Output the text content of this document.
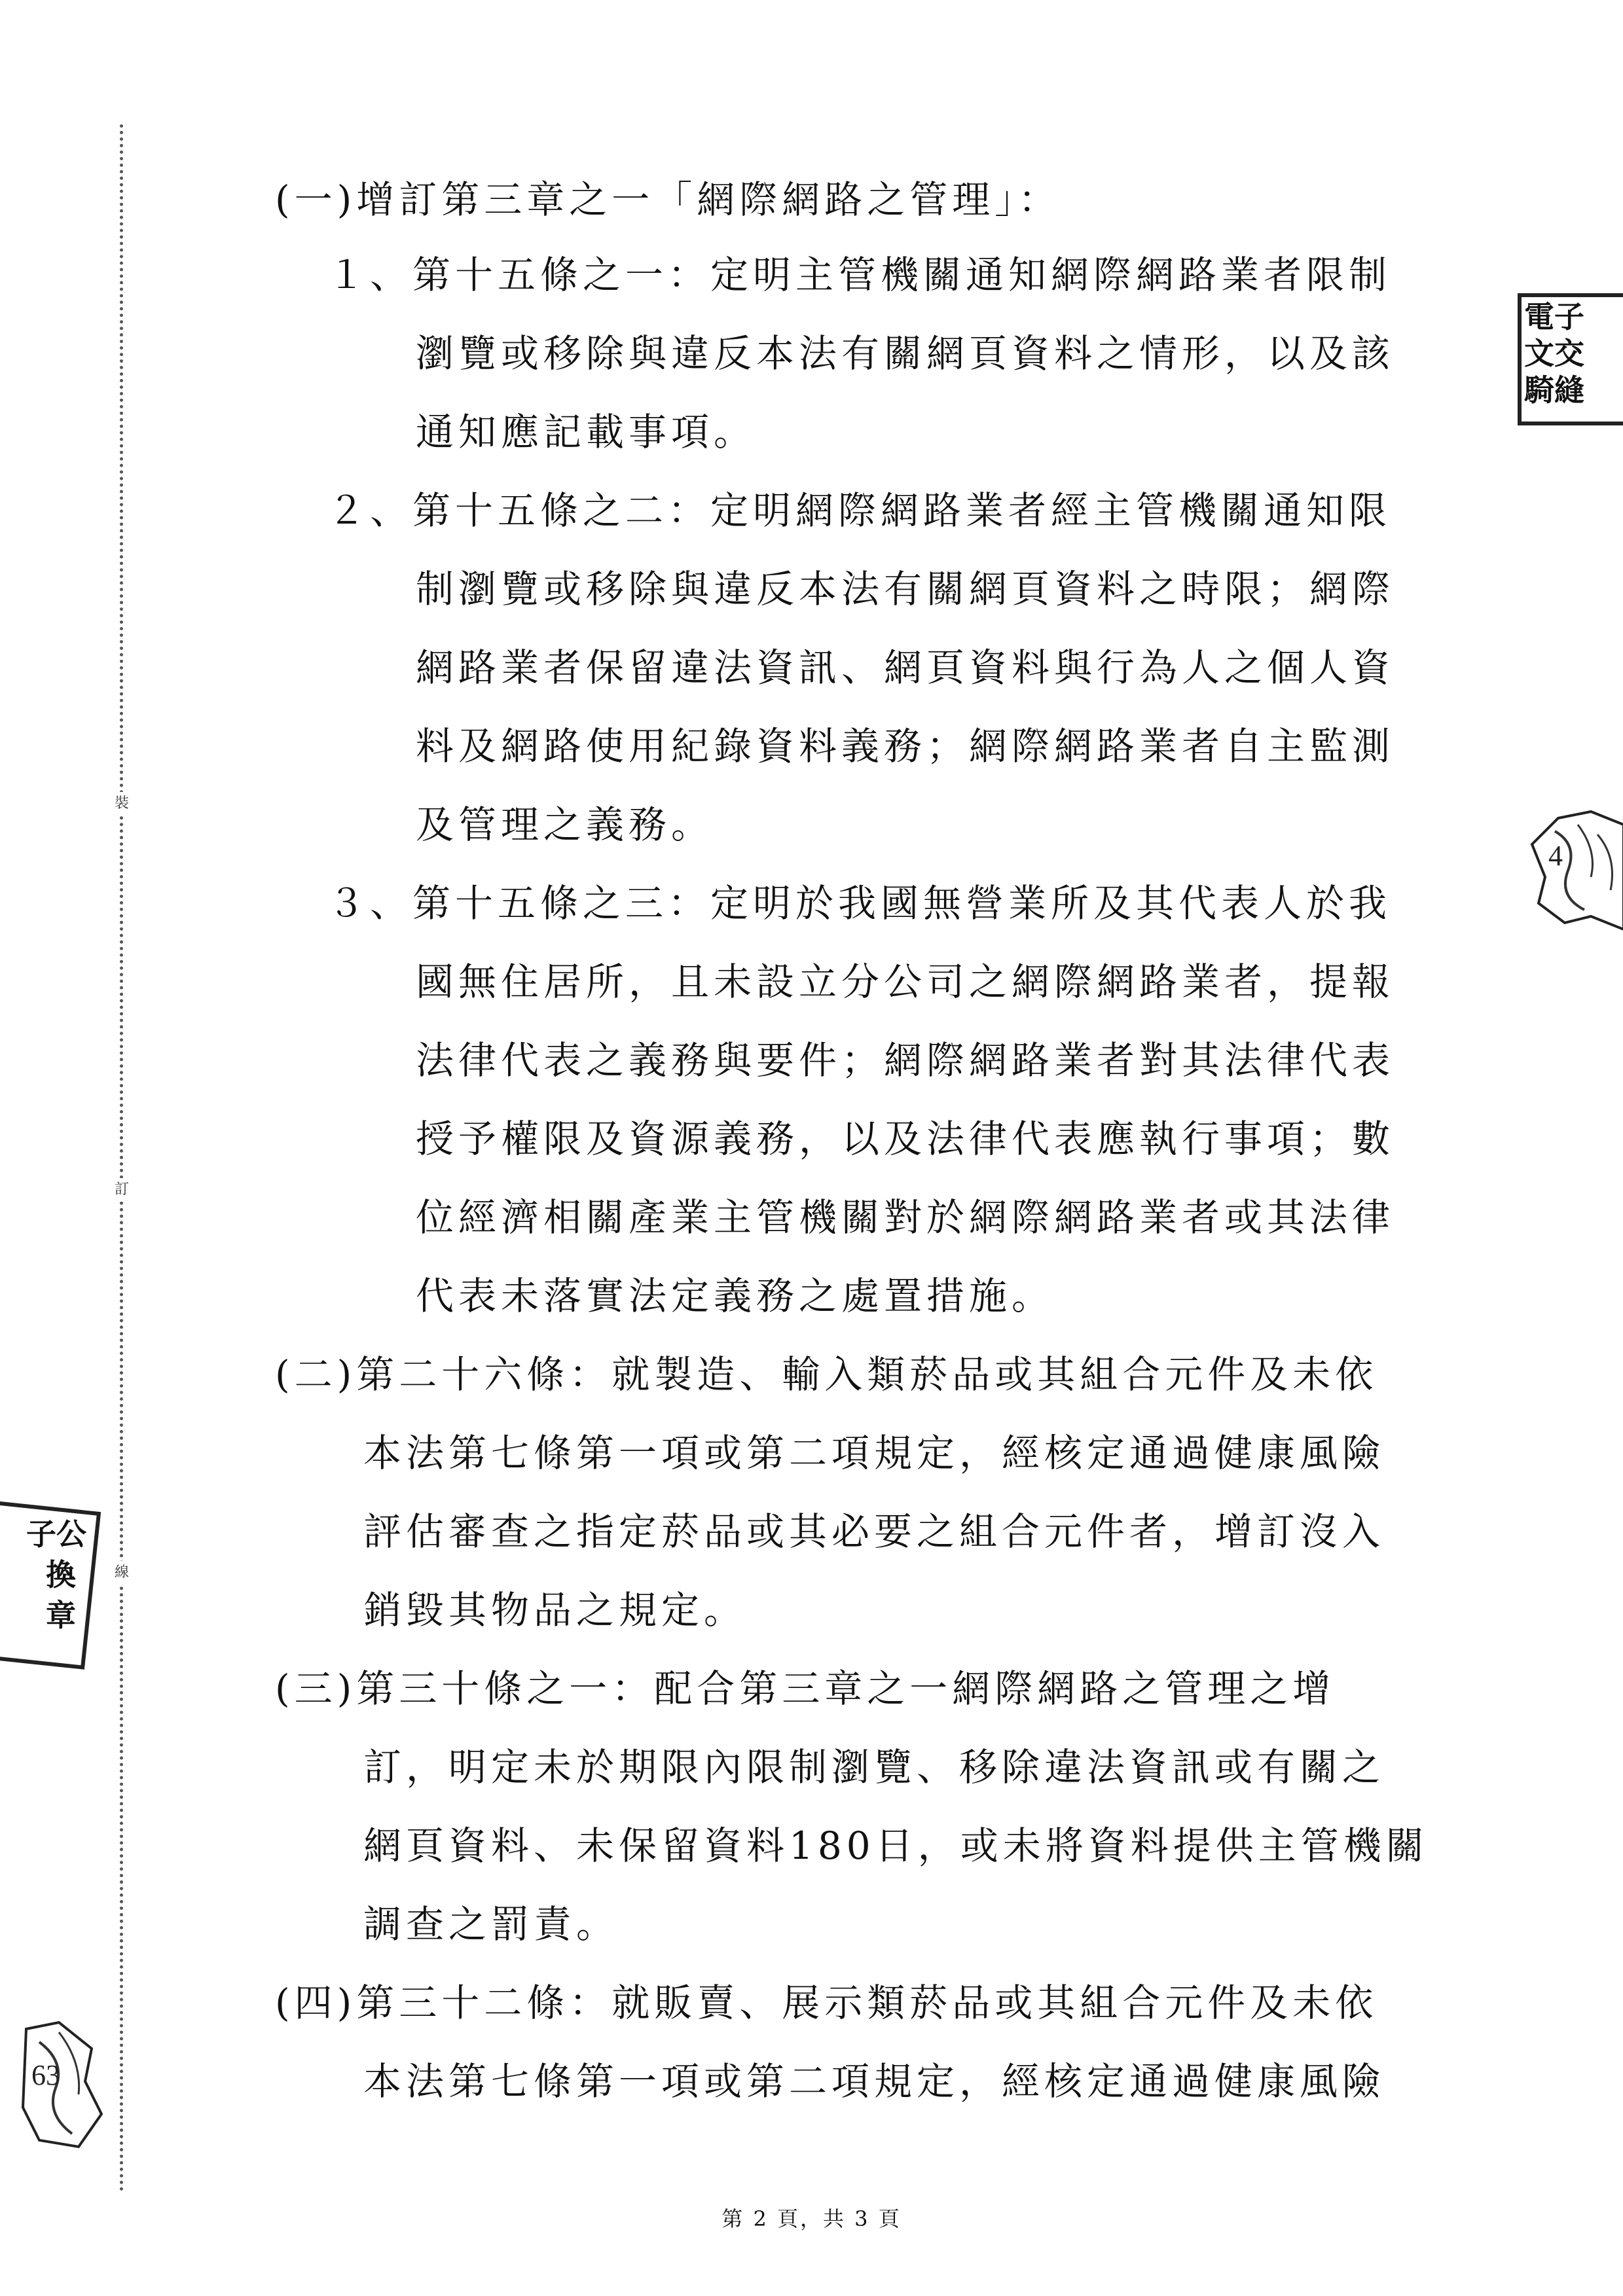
裝
訂
線
(一)增訂第三章之一「網際網路之管理」：
１、第十五條之一：定明主管機關通知網際網路業者限制
瀏覽或移除與違反本法有關網頁資料之情形，以及該
通知應記載事項。
２、第十五條之二：定明網際網路業者經主管機關通知限
制瀏覽或移除與違反本法有關網頁資料之時限；網際
網路業者保留違法資訊、網頁資料與行為人之個人資
料及網路使用紀錄資料義務；網際網路業者自主監測
及管理之義務。
３、第十五條之三：定明於我國無營業所及其代表人於我
國無住居所，且未設立分公司之網際網路業者，提報
法律代表之義務與要件；網際網路業者對其法律代表
授予權限及資源義務，以及法律代表應執行事項；數
位經濟相關產業主管機關對於網際網路業者或其法律
代表未落實法定義務之處置措施。
(二)第二十六條：就製造、輸入類菸品或其組合元件及未依
本法第七條第一項或第二項規定，經核定通過健康風險
評估審查之指定菸品或其必要之組合元件者，增訂沒入
銷毀其物品之規定。
(三)第三十條之一：配合第三章之一網際網路之管理之增
訂，明定未於期限內限制瀏覽、移除違法資訊或有關之
網頁資料、未保留資料180日，或未將資料提供主管機關
調查之罰責。
(四)第三十二條：就販賣、展示類菸品或其組合元件及未依
本法第七條第一項或第二項規定，經核定通過健康風險
電子
文交
騎縫
4
子公
換
章
63
第 2 頁，共 3 頁
